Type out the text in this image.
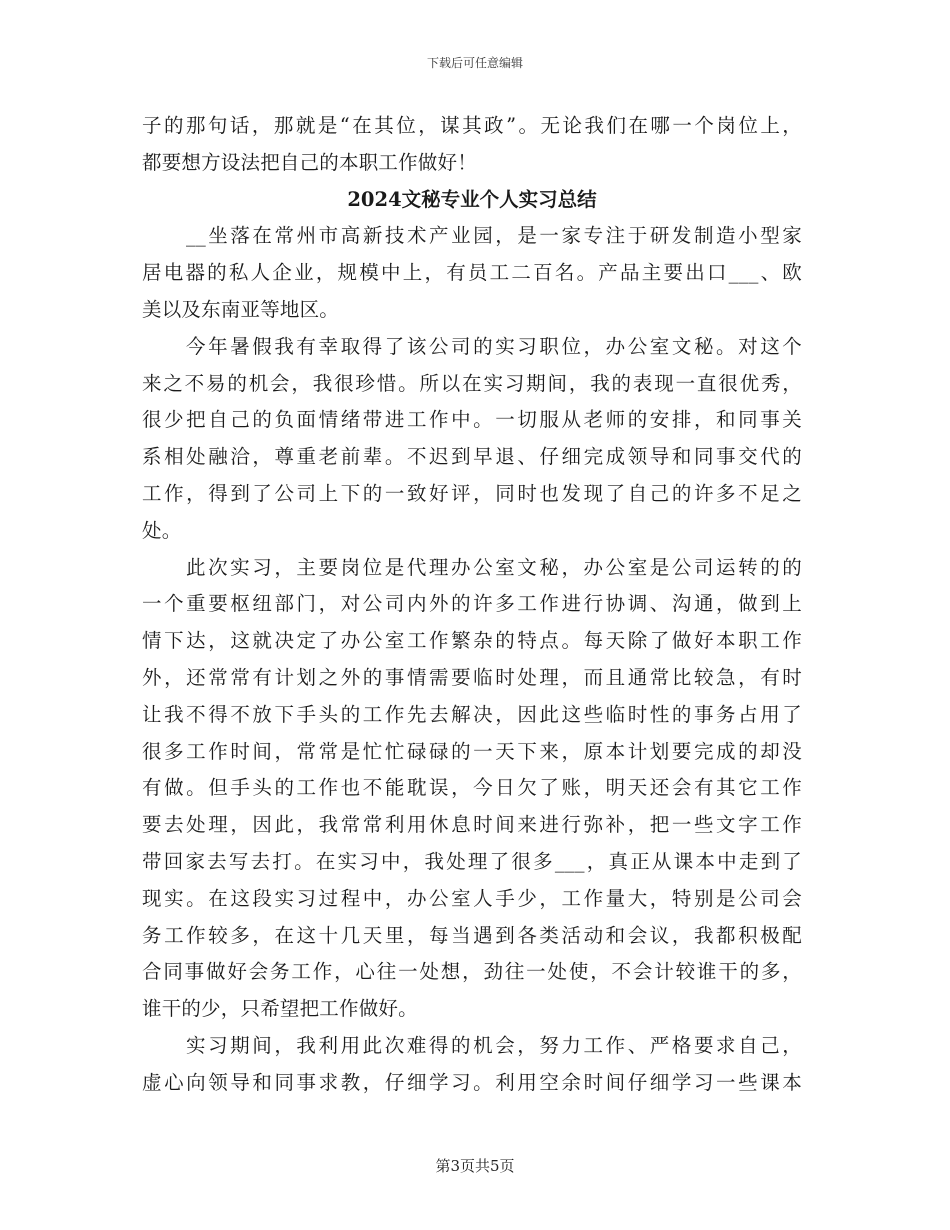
下载后可任意编辑
子的那句话，那就是“在其位，谋其政”。无论我们在哪一个岗位上，
都要想方设法把自己的本职工作做好！
2024文秘专业个人实习总结
__坐落在常州市高新技术产业园，是一家专注于研发制造小型家
居电器的私人企业，规模中上，有员工二百名。产品主要出口___、欧
美以及东南亚等地区。
今年暑假我有幸取得了该公司的实习职位，办公室文秘。对这个
来之不易的机会，我很珍惜。所以在实习期间，我的表现一直很优秀，
很少把自己的负面情绪带进工作中。一切服从老师的安排，和同事关
系相处融洽，尊重老前辈。不迟到早退、仔细完成领导和同事交代的
工作，得到了公司上下的一致好评，同时也发现了自己的许多不足之
处。
此次实习，主要岗位是代理办公室文秘，办公室是公司运转的的
一个重要枢纽部门，对公司内外的许多工作进行协调、沟通，做到上
情下达，这就决定了办公室工作繁杂的特点。每天除了做好本职工作
外，还常常有计划之外的事情需要临时处理，而且通常比较急，有时
让我不得不放下手头的工作先去解决，因此这些临时性的事务占用了
很多工作时间，常常是忙忙碌碌的一天下来，原本计划要完成的却没
有做。但手头的工作也不能耽误，今日欠了账，明天还会有其它工作
要去处理，因此，我常常利用休息时间来进行弥补，把一些文字工作
带回家去写去打。在实习中，我处理了很多___，真正从课本中走到了
现实。在这段实习过程中，办公室人手少，工作量大，特别是公司会
务工作较多，在这十几天里，每当遇到各类活动和会议，我都积极配
合同事做好会务工作，心往一处想，劲往一处使，不会计较谁干的多，
谁干的少，只希望把工作做好。
实习期间，我利用此次难得的机会，努力工作、严格要求自己，
虚心向领导和同事求教，仔细学习。利用空余时间仔细学习一些课本
第3页共5页
